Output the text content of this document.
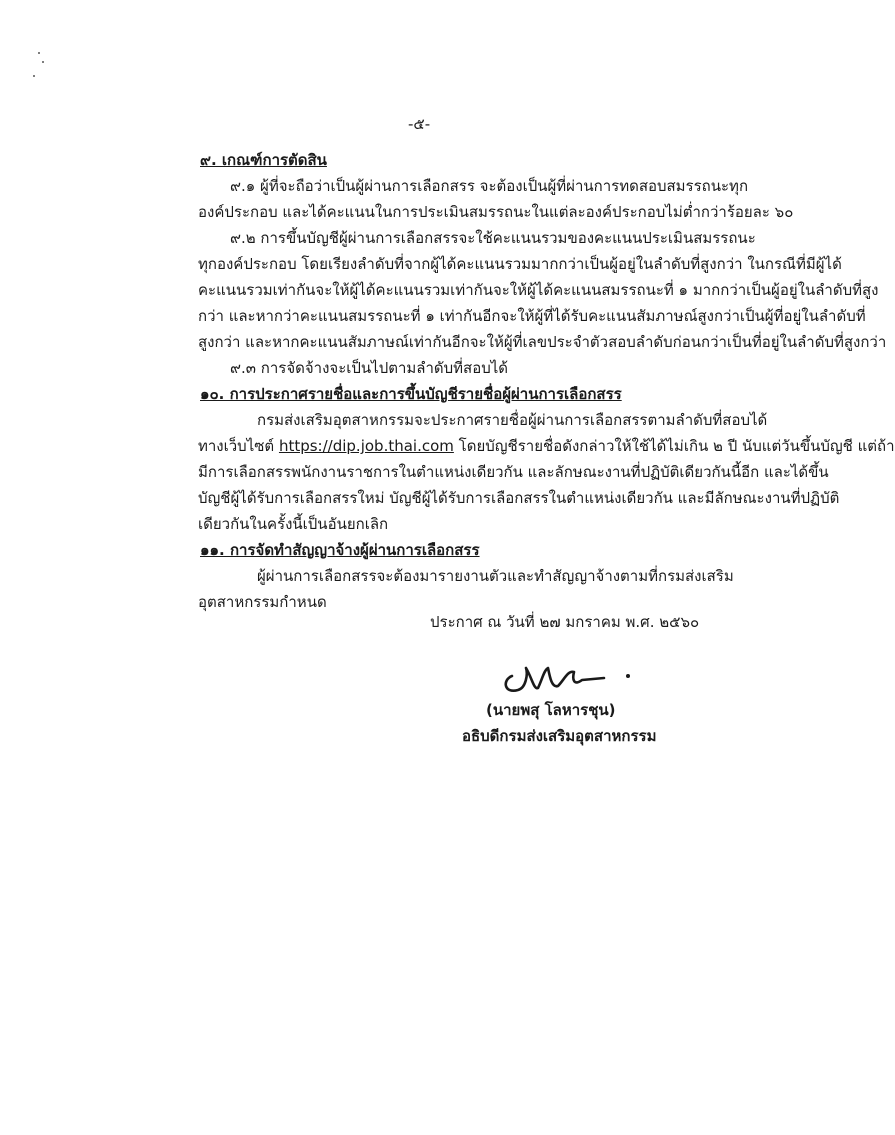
-๕-
๙. เกณฑ์การตัดสิน
๙.๑ ผู้ที่จะถือว่าเป็นผู้ผ่านการเลือกสรร จะต้องเป็นผู้ที่ผ่านการทดสอบสมรรถนะทุก
องค์ประกอบ และได้คะแนนในการประเมินสมรรถนะในแต่ละองค์ประกอบไม่ต่ำกว่าร้อยละ ๖๐
๙.๒ การขึ้นบัญชีผู้ผ่านการเลือกสรรจะใช้คะแนนรวมของคะแนนประเมินสมรรถนะ
ทุกองค์ประกอบ โดยเรียงลำดับที่จากผู้ได้คะแนนรวมมากกว่าเป็นผู้อยู่ในลำดับที่สูงกว่า ในกรณีที่มีผู้ได้
คะแนนรวมเท่ากันจะให้ผู้ได้คะแนนรวมเท่ากันจะให้ผู้ได้คะแนนสมรรถนะที่ ๑ มากกว่าเป็นผู้อยู่ในลำดับที่สูง
กว่า และหากว่าคะแนนสมรรถนะที่ ๑ เท่ากันอีกจะให้ผู้ที่ได้รับคะแนนสัมภาษณ์สูงกว่าเป็นผู้ที่อยู่ในลำดับที่
สูงกว่า และหากคะแนนสัมภาษณ์เท่ากันอีกจะให้ผู้ที่เลขประจำตัวสอบลำดับก่อนกว่าเป็นที่อยู่ในลำดับที่สูงกว่า
๙.๓ การจัดจ้างจะเป็นไปตามลำดับที่สอบได้
๑๐. การประกาศรายชื่อและการขึ้นบัญชีรายชื่อผู้ผ่านการเลือกสรร
กรมส่งเสริมอุตสาหกรรมจะประกาศรายชื่อผู้ผ่านการเลือกสรรตามลำดับที่สอบได้
ทางเว็บไซต์ https://dip.job.thai.com โดยบัญชีรายชื่อดังกล่าวให้ใช้ได้ไม่เกิน ๒ ปี นับแต่วันขึ้นบัญชี แต่ถ้า
มีการเลือกสรรพนักงานราชการในตำแหน่งเดียวกัน และลักษณะงานที่ปฏิบัติเดียวกันนี้อีก และได้ขึ้น
บัญชีผู้ได้รับการเลือกสรรใหม่ บัญชีผู้ได้รับการเลือกสรรในตำแหน่งเดียวกัน และมีลักษณะงานที่ปฏิบัติ
เดียวกันในครั้งนี้เป็นอันยกเลิก
๑๑. การจัดทำสัญญาจ้างผู้ผ่านการเลือกสรร
ผู้ผ่านการเลือกสรรจะต้องมารายงานตัวและทำสัญญาจ้างตามที่กรมส่งเสริม
อุตสาหกรรมกำหนด
ประกาศ ณ วันที่ ๒๗ มกราคม พ.ศ. ๒๕๖๐
(นายพสุ โลหารชุน)
อธิบดีกรมส่งเสริมอุตสาหกรรม
